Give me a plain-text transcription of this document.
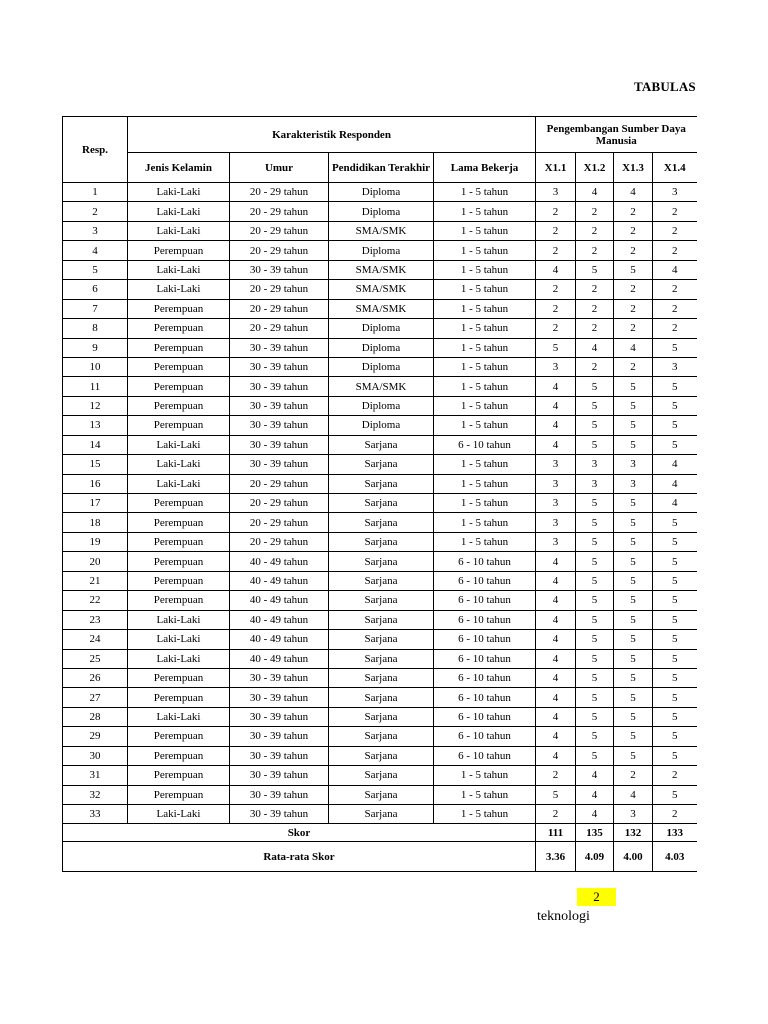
TABULAS
Resp.	Karakteristik Responden				Pengembangan Sumber Daya Manusia			
	Jenis Kelamin	Umur	Pendidikan Terakhir	Lama Bekerja	X1.1	X1.2	X1.3	X1.4
1	Laki-Laki	20 - 29 tahun	Diploma	1 - 5 tahun	3	4	4	3
2	Laki-Laki	20 - 29 tahun	Diploma	1 - 5 tahun	2	2	2	2
3	Laki-Laki	20 - 29 tahun	SMA/SMK	1 - 5 tahun	2	2	2	2
4	Perempuan	20 - 29 tahun	Diploma	1 - 5 tahun	2	2	2	2
5	Laki-Laki	30 - 39 tahun	SMA/SMK	1 - 5 tahun	4	5	5	4
6	Laki-Laki	20 - 29 tahun	SMA/SMK	1 - 5 tahun	2	2	2	2
7	Perempuan	20 - 29 tahun	SMA/SMK	1 - 5 tahun	2	2	2	2
8	Perempuan	20 - 29 tahun	Diploma	1 - 5 tahun	2	2	2	2
9	Perempuan	30 - 39 tahun	Diploma	1 - 5 tahun	5	4	4	5
10	Perempuan	30 - 39 tahun	Diploma	1 - 5 tahun	3	2	2	3
11	Perempuan	30 - 39 tahun	SMA/SMK	1 - 5 tahun	4	5	5	5
12	Perempuan	30 - 39 tahun	Diploma	1 - 5 tahun	4	5	5	5
13	Perempuan	30 - 39 tahun	Diploma	1 - 5 tahun	4	5	5	5
14	Laki-Laki	30 - 39 tahun	Sarjana	6 - 10 tahun	4	5	5	5
15	Laki-Laki	30 - 39 tahun	Sarjana	1 - 5 tahun	3	3	3	4
16	Laki-Laki	20 - 29 tahun	Sarjana	1 - 5 tahun	3	3	3	4
17	Perempuan	20 - 29 tahun	Sarjana	1 - 5 tahun	3	5	5	4
18	Perempuan	20 - 29 tahun	Sarjana	1 - 5 tahun	3	5	5	5
19	Perempuan	20 - 29 tahun	Sarjana	1 - 5 tahun	3	5	5	5
20	Perempuan	40 - 49 tahun	Sarjana	6 - 10 tahun	4	5	5	5
21	Perempuan	40 - 49 tahun	Sarjana	6 - 10 tahun	4	5	5	5
22	Perempuan	40 - 49 tahun	Sarjana	6 - 10 tahun	4	5	5	5
23	Laki-Laki	40 - 49 tahun	Sarjana	6 - 10 tahun	4	5	5	5
24	Laki-Laki	40 - 49 tahun	Sarjana	6 - 10 tahun	4	5	5	5
25	Laki-Laki	40 - 49 tahun	Sarjana	6 - 10 tahun	4	5	5	5
26	Perempuan	30 - 39 tahun	Sarjana	6 - 10 tahun	4	5	5	5
27	Perempuan	30 - 39 tahun	Sarjana	6 - 10 tahun	4	5	5	5
28	Laki-Laki	30 - 39 tahun	Sarjana	6 - 10 tahun	4	5	5	5
29	Perempuan	30 - 39 tahun	Sarjana	6 - 10 tahun	4	5	5	5
30	Perempuan	30 - 39 tahun	Sarjana	6 - 10 tahun	4	5	5	5
31	Perempuan	30 - 39 tahun	Sarjana	1 - 5 tahun	2	4	2	2
32	Perempuan	30 - 39 tahun	Sarjana	1 - 5 tahun	5	4	4	5
33	Laki-Laki	30 - 39 tahun	Sarjana	1 - 5 tahun	2	4	3	2
Skor					111	135	132	133
Rata-rata Skor					3.36	4.09	4.00	4.03
2
teknologi
